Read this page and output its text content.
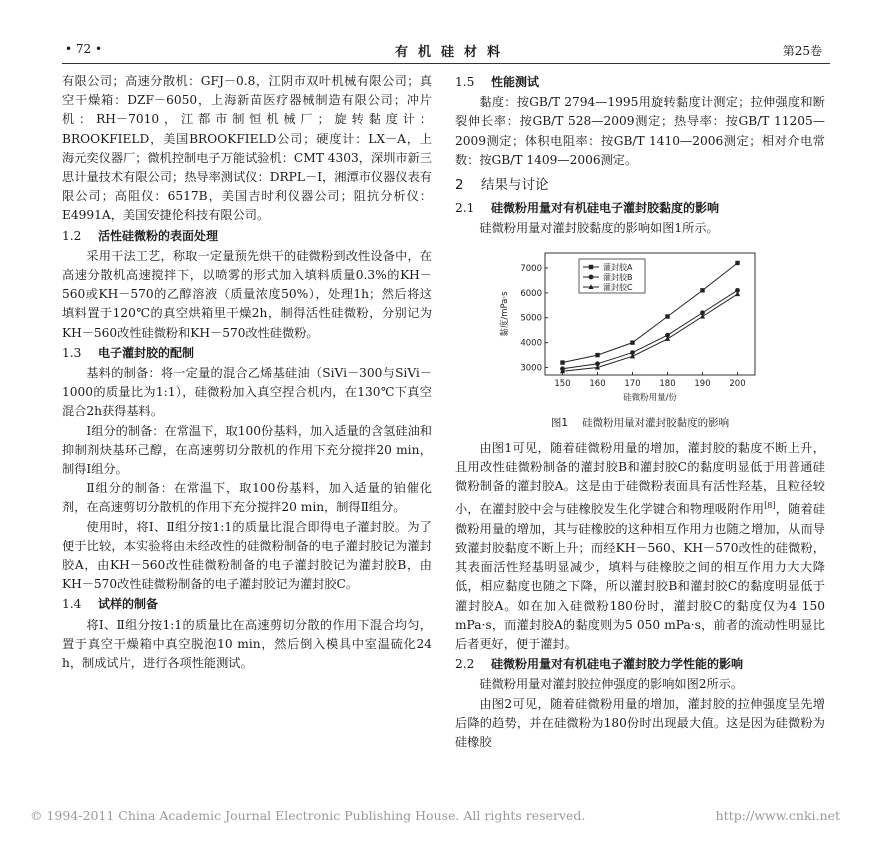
• 72 •	有机硅材料	第25卷

有限公司；高速分散机：GFJ－0.8，江阴市双叶机械有限公司；真空干燥箱：DZF－6050，上海新苗医疗器械制造有限公司；冲片机：RH－7010，江都市制恒机械厂；旋转黏度计：BROOKFIELD，美国BROOKFIELD公司；硬度计：LX－A，上海元奕仪器厂；微机控制电子万能试验机：CMT 4303，深圳市新三思计量技术有限公司；热导率测试仪：DRPL－Ⅰ，湘潭市仪器仪表有限公司；高阻仪：6517B，美国吉时利仪器公司；阻抗分析仪：E4991A，美国安捷伦科技有限公司。

1.2 活性硅微粉的表面处理

采用干法工艺，称取一定量预先烘干的硅微粉到改性设备中，在高速分散机高速搅拌下，以喷雾的形式加入填料质量0.3%的KH－560或KH－570的乙醇溶液（质量浓度50%），处理1h；然后将这填料置于120℃的真空烘箱里干燥2h，制得活性硅微粉，分别记为KH－560改性硅微粉和KH－570改性硅微粉。

1.3 电子灌封胶的配制

基料的制备：将一定量的混合乙烯基硅油（SiVi－300与SiVi－1000的质量比为1:1），硅微粉加入真空捏合机内，在130℃下真空混合2h获得基料。

Ⅰ组分的制备：在常温下，取100份基料，加入适量的含氢硅油和抑制剂炔基环己醇，在高速剪切分散机的作用下充分搅拌20 min，制得Ⅰ组分。

Ⅱ组分的制备：在常温下，取100份基料，加入适量的铂催化剂，在高速剪切分散机的作用下充分搅拌20 min，制得Ⅱ组分。

使用时，将Ⅰ、Ⅱ组分按1:1的质量比混合即得电子灌封胶。为了便于比较，本实验将由未经改性的硅微粉制备的电子灌封胶记为灌封胶A，由KH－560改性硅微粉制备的电子灌封胶记为灌封胶B，由KH－570改性硅微粉制备的电子灌封胶记为灌封胶C。

1.4 试样的制备

将Ⅰ、Ⅱ组分按1:1的质量比在高速剪切分散的作用下混合均匀，置于真空干燥箱中真空脱泡10 min，然后倒入模具中室温硫化24 h，制成试片，进行各项性能测试。

1.5 性能测试

黏度：按GB/T 2794—1995用旋转黏度计测定；拉伸强度和断裂伸长率：按GB/T 528—2009测定；热导率：按GB/T 11205—2009测定；体积电阻率：按GB/T 1410—2006测定；相对介电常数：按GB/T 1409—2006测定。

2 结果与讨论
2.1 硅微粉用量对有机硅电子灌封胶黏度的影响

硅微粉用量对灌封胶黏度的影响如图1所示。

150 160 170 180 190 200
3000
4000
5000
6000
7000
硅微粉用量/份
黏度/mPa·s
灌封胶A
灌封胶B
灌封胶C
图1 硅微粉用量对灌封胶黏度的影响

由图1可见，随着硅微粉用量的增加，灌封胶的黏度不断上升，且用改性硅微粉制备的灌封胶B和灌封胶C的黏度明显低于用普通硅微粉制备的灌封胶A。这是由于硅微粉表面具有活性羟基，且粒径较小，在灌封胶中会与硅橡胶发生化学键合和物理吸附作用[8]，随着硅微粉用量的增加，其与硅橡胶的这种相互作用力也随之增加，从而导致灌封胶黏度不断上升；而经KH－560、KH－570改性的硅微粉，其表面活性羟基明显减少，填料与硅橡胶之间的相互作用力大大降低，相应黏度也随之下降，所以灌封胶B和灌封胶C的黏度明显低于灌封胶A。如在加入硅微粉180份时，灌封胶C的黏度仅为4 150 mPa·s，而灌封胶A的黏度则为5 050 mPa·s，前者的流动性明显比后者更好，便于灌封。

2.2 硅微粉用量对有机硅电子灌封胶力学性能的影响

硅微粉用量对灌封胶拉伸强度的影响如图2所示。

由图2可见，随着硅微粉用量的增加，灌封胶的拉伸强度呈先增后降的趋势，并在硅微粉为180份时出现最大值。这是因为硅微粉为硅橡胶

© 1994-2011 China Academic Journal Electronic Publishing House. All rights reserved.	http://www.cnki.net
